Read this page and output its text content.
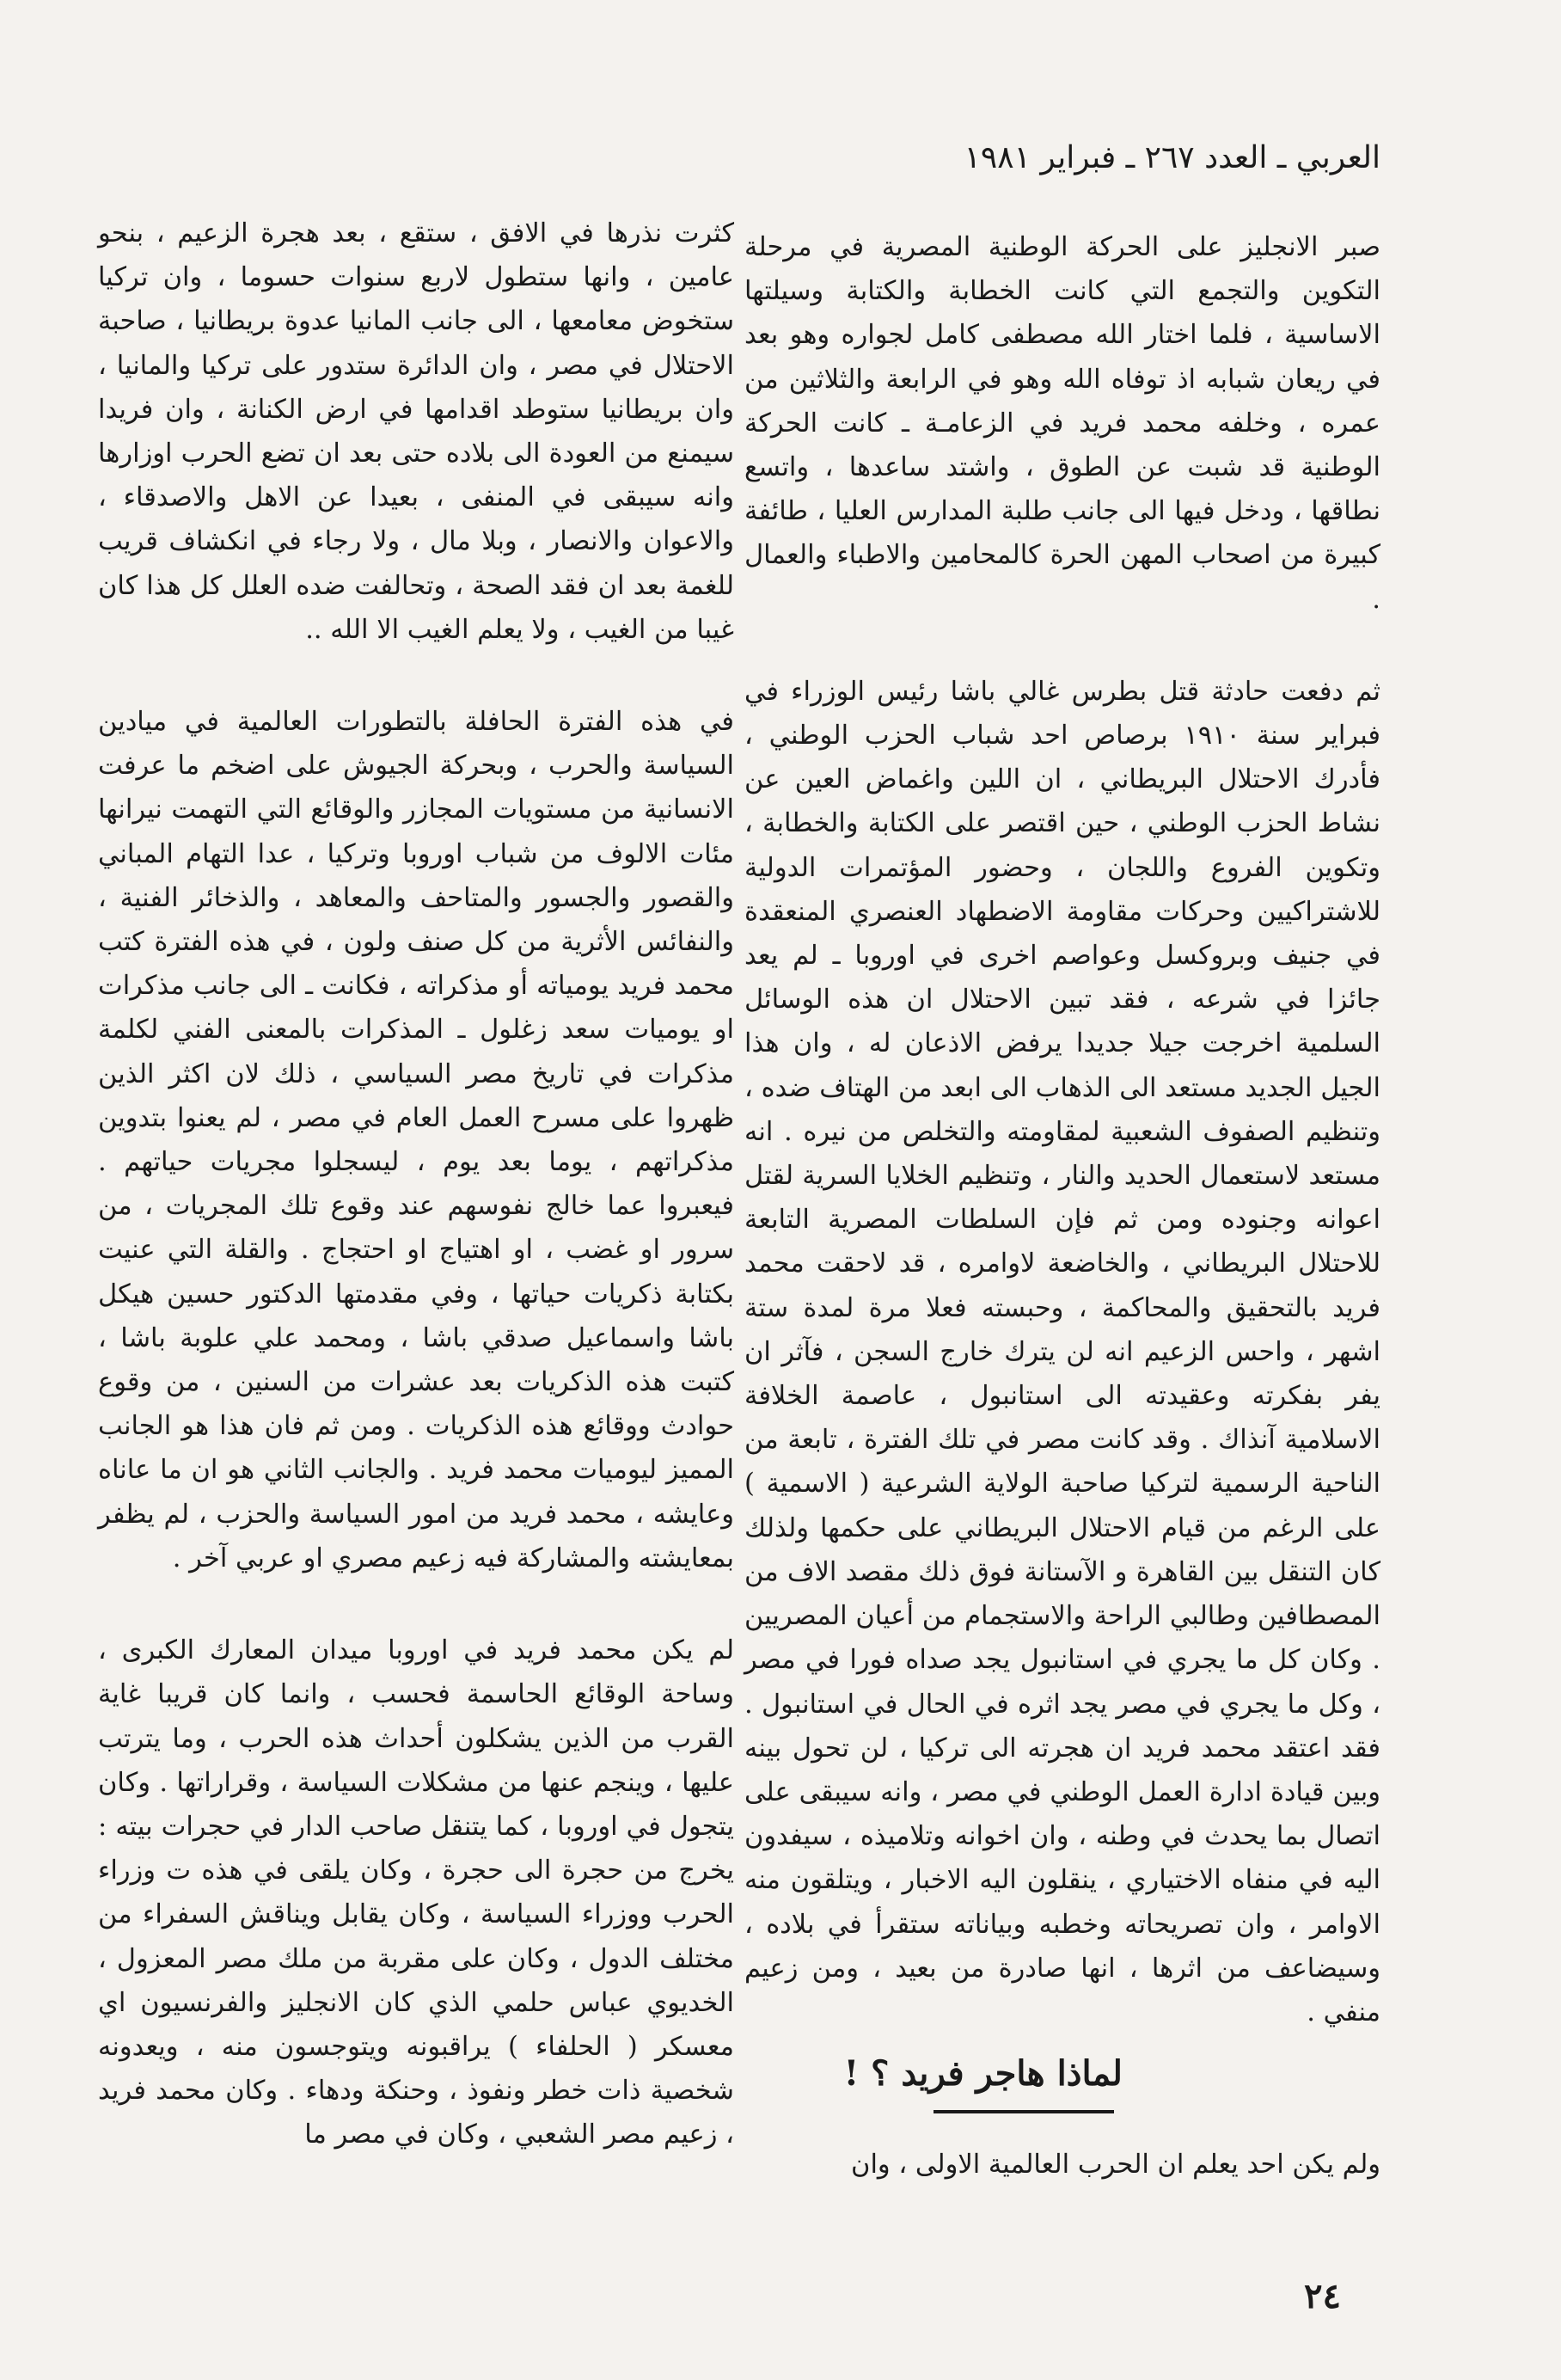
العربي ـ العدد ٢٦٧ ـ فبراير ١٩٨١

صبر الانجليز على الحركة الوطنية المصرية في مرحلة التكوين والتجمع التي كانت الخطابة والكتابة وسيلتها الاساسية ، فلما اختار الله مصطفى كامل لجواره وهو بعد في ريعان شبابه اذ توفاه الله وهو في الرابعة والثلاثين من عمره ، وخلفه محمد فريد في الزعامـة ـ كانت الحركة الوطنية قد شبت عن الطوق ، واشتد ساعدها ، واتسع نطاقها ، ودخل فيها الى جانب طلبة المدارس العليا ، طائفة كبيرة من اصحاب المهن الحرة كالمحامين والاطباء والعمال .

ثم دفعت حادثة قتل بطرس غالي باشا رئيس الوزراء في فبراير سنة ١٩١٠ برصاص احد شباب الحزب الوطني ، فأدرك الاحتلال البريطاني ، ان اللين واغماض العين عن نشاط الحزب الوطني ، حين اقتصر على الكتابة والخطابة ، وتكوين الفروع واللجان ، وحضور المؤتمرات الدولية للاشتراكيين وحركات مقاومة الاضطهاد العنصري المنعقدة في جنيف وبروكسل وعواصم اخرى في اوروبا ـ لم يعد جائزا في شرعه ، فقد تبين الاحتلال ان هذه الوسائل السلمية اخرجت جيلا جديدا يرفض الاذعان له ، وان هذا الجيل الجديد مستعد الى الذهاب الى ابعد من الهتاف ضده ، وتنظيم الصفوف الشعبية لمقاومته والتخلص من نيره . انه مستعد لاستعمال الحديد والنار ، وتنظيم الخلايا السرية لقتل اعوانه وجنوده ومن ثم فإن السلطات المصرية التابعة للاحتلال البريطاني ، والخاضعة لاوامره ، قد لاحقت محمد فريد بالتحقيق والمحاكمة ، وحبسته فعلا مرة لمدة ستة اشهر ، واحس الزعيم انه لن يترك خارج السجن ، فآثر ان يفر بفكرته وعقيدته الى استانبول ، عاصمة الخلافة الاسلامية آنذاك . وقد كانت مصر في تلك الفترة ، تابعة من الناحية الرسمية لتركيا صاحبة الولاية الشرعية ( الاسمية ) على الرغم من قيام الاحتلال البريطاني على حكمها ولذلك كان التنقل بين القاهرة و الآستانة فوق ذلك مقصد الاف من المصطافين وطالبي الراحة والاستجمام من أعيان المصريين . وكان كل ما يجري في استانبول يجد صداه فورا في مصر ، وكل ما يجري في مصر يجد اثره في الحال في استانبول . فقد اعتقد محمد فريد ان هجرته الى تركيا ، لن تحول بينه وبين قيادة ادارة العمل الوطني في مصر ، وانه سيبقى على اتصال بما يحدث في وطنه ، وان اخوانه وتلاميذه ، سيفدون اليه في منفاه الاختياري ، ينقلون اليه الاخبار ، ويتلقون منه الاوامر ، وان تصريحاته وخطبه وبياناته ستقرأ في بلاده ، وسيضاعف من اثرها ، انها صادرة من بعيد ، ومن زعيم منفي .

لماذا هاجر فريد ؟ !

ولم يكن احد يعلم ان الحرب العالمية الاولى ، وان

كثرت نذرها في الافق ، ستقع ، بعد هجرة الزعيم ، بنحو عامين ، وانها ستطول لاربع سنوات حسوما ، وان تركيا ستخوض معامعها ، الى جانب المانيا عدوة بريطانيا ، صاحبة الاحتلال في مصر ، وان الدائرة ستدور على تركيا والمانيا ، وان بريطانيا ستوطد اقدامها في ارض الكنانة ، وان فريدا سيمنع من العودة الى بلاده حتى بعد ان تضع الحرب اوزارها وانه سيبقى في المنفى ، بعيدا عن الاهل والاصدقاء ، والاعوان والانصار ، وبلا مال ، ولا رجاء في انكشاف قريب للغمة بعد ان فقد الصحة ، وتحالفت ضده العلل كل هذا كان غيبا من الغيب ، ولا يعلم الغيب الا الله ..

في هذه الفترة الحافلة بالتطورات العالمية في ميادين السياسة والحرب ، وبحركة الجيوش على اضخم ما عرفت الانسانية من مستويات المجازر والوقائع التي التهمت نيرانها مئات الالوف من شباب اوروبا وتركيا ، عدا التهام المباني والقصور والجسور والمتاحف والمعاهد ، والذخائر الفنية ، والنفائس الأثرية من كل صنف ولون ، في هذه الفترة كتب محمد فريد يومياته أو مذكراته ، فكانت ـ الى جانب مذكرات او يوميات سعد زغلول ـ المذكرات بالمعنى الفني لكلمة مذكرات في تاريخ مصر السياسي ، ذلك لان اكثر الذين ظهروا على مسرح العمل العام في مصر ، لم يعنوا بتدوين مذكراتهم ، يوما بعد يوم ، ليسجلوا مجريات حياتهم . فيعبروا عما خالج نفوسهم عند وقوع تلك المجريات ، من سرور او غضب ، او اهتياج او احتجاج . والقلة التي عنيت بكتابة ذكريات حياتها ، وفي مقدمتها الدكتور حسين هيكل باشا واسماعيل صدقي باشا ، ومحمد علي علوبة باشا ، كتبت هذه الذكريات بعد عشرات من السنين ، من وقوع حوادث ووقائع هذه الذكريات . ومن ثم فان هذا هو الجانب المميز ليوميات محمد فريد . والجانب الثاني هو ان ما عاناه وعايشه ، محمد فريد من امور السياسة والحزب ، لم يظفر بمعايشته والمشاركة فيه زعيم مصري او عربي آخر .

لم يكن محمد فريد في اوروبا ميدان المعارك الكبرى ، وساحة الوقائع الحاسمة فحسب ، وانما كان قريبا غاية القرب من الذين يشكلون أحداث هذه الحرب ، وما يترتب عليها ، وينجم عنها من مشكلات السياسة ، وقراراتها . وكان يتجول في اوروبا ، كما يتنقل صاحب الدار في حجرات بيته : يخرج من حجرة الى حجرة ، وكان يلقى في هذه ت وزراء الحرب ووزراء السياسة ، وكان يقابل ويناقش السفراء من مختلف الدول ، وكان على مقربة من ملك مصر المعزول ، الخديوي عباس حلمي الذي كان الانجليز والفرنسيون اي معسكر ( الحلفاء ) يراقبونه ويتوجسون منه ، ويعدونه شخصية ذات خطر ونفوذ ، وحنكة ودهاء . وكان محمد فريد ، زعيم مصر الشعبي ، وكان في مصر ما

٢٤
